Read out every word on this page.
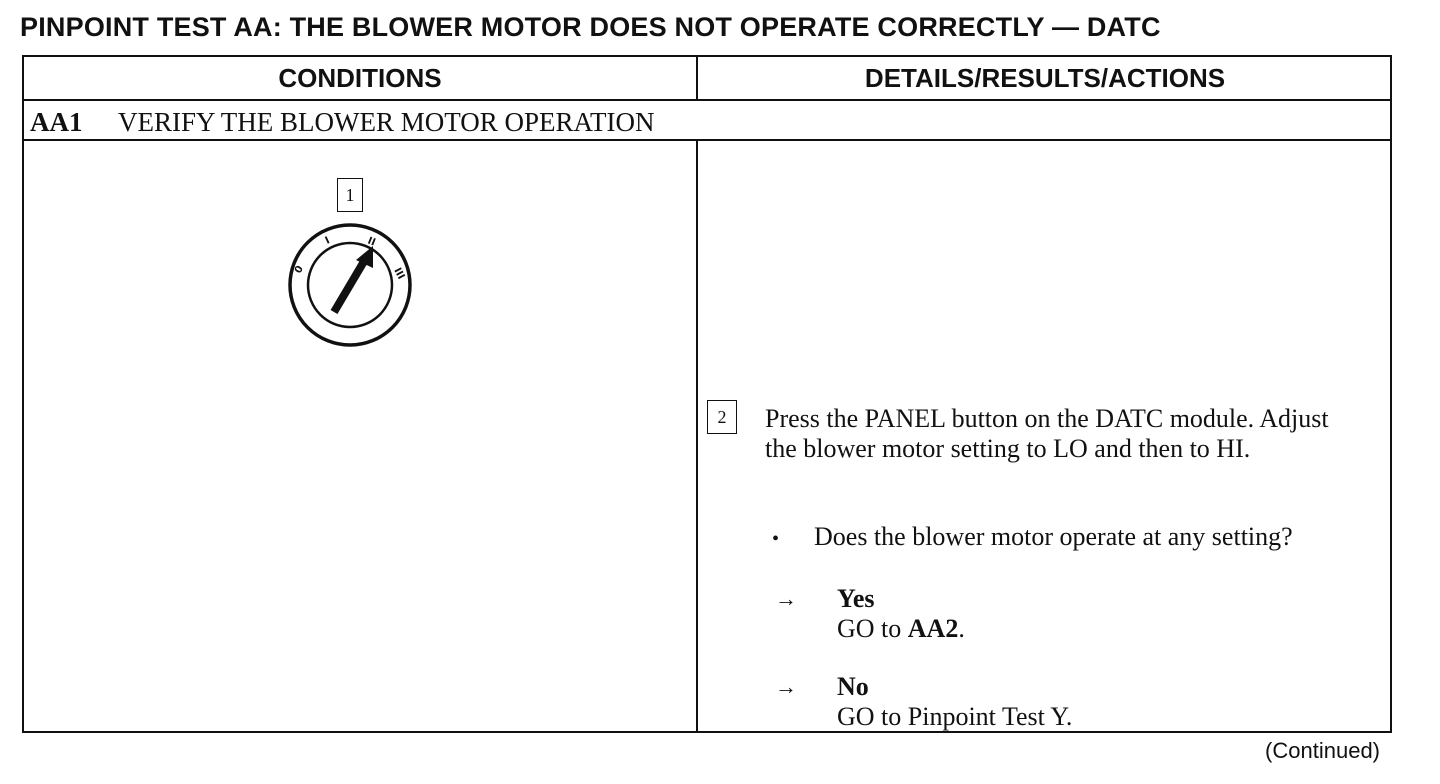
PINPOINT TEST AA: THE BLOWER MOTOR DOES NOT OPERATE CORRECTLY — DATC
CONDITIONS	DETAILS/RESULTS/ACTIONS
AA1 VERIFY THE BLOWER MOTOR OPERATION
1
0
I	II
III
2	Press the PANEL button on the DATC module. Adjust the blower motor setting to LO and then to HI.
• Does the blower motor operate at any setting?
→ Yes
GO to AA2.
→ No
GO to Pinpoint Test Y.
(Continued)
